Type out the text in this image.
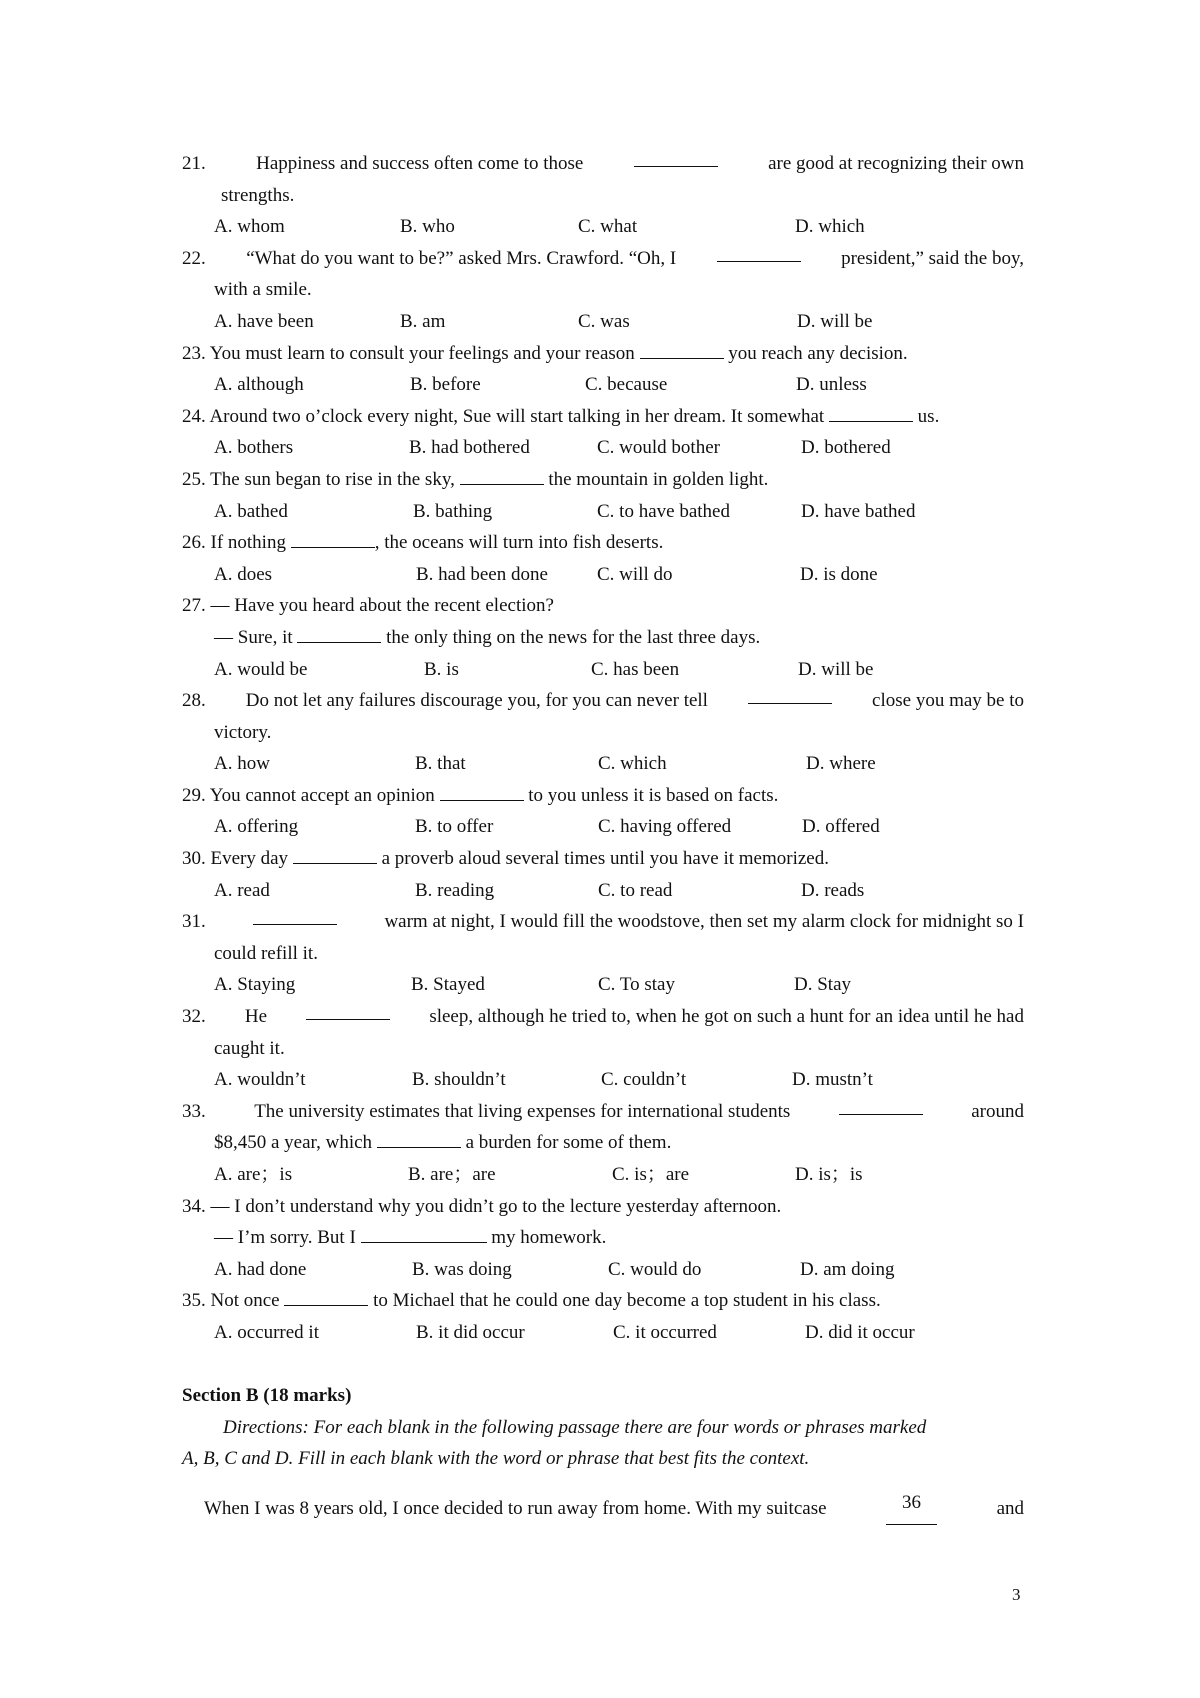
21.	Happiness and success often come to those	are good at recognizing their own
strengths.
A. whom	B. who	C. what	D. which
22. “What do you want to be?” asked Mrs. Crawford. “Oh, I	president,” said the boy,
with a smile.
A. have been	B. am	C. was	D. will be
23. You must learn to consult your feelings and your reason	you reach any decision.
A. although	B. before	C. because	D. unless
24. Around two o’clock every night, Sue will start talking in her dream. It somewhat	us.
A. bothers	B. had bothered	C. would bother	D. bothered
25. The sun began to rise in the sky,	the mountain in golden light.
A. bathed	B. bathing	C. to have bathed	D. have bathed
26. If nothing	, the oceans will turn into fish deserts.
A. does	B. had been done	C. will do	D. is done
27. — Have you heard about the recent election?
— Sure, it	the only thing on the news for the last three days.
A. would be	B. is	C. has been	D. will be
28. Do not let any failures discourage you, for you can never tell	close you may be to
victory.
A. how	B. that	C. which	D. where
29. You cannot accept an opinion	to you unless it is based on facts.
A. offering	B. to offer	C. having offered	D. offered
30. Every day	a proverb aloud several times until you have it memorized.
A. read	B. reading	C. to read	D. reads
31.	warm at night, I would fill the woodstove, then set my alarm clock for midnight so I
could refill it.
A. Staying	B. Stayed	C. To stay	D. Stay
32. He	sleep, although he tried to, when he got on such a hunt for an idea until he had
caught it.
A. wouldn’t	B. shouldn’t	C. couldn’t	D. mustn’t
33.	The university estimates that living expenses for international students	around
$8,450 a year, which	a burden for some of them.
A. are；is	B. are；are	C. is；are	D. is；is
34. — I don’t understand why you didn’t go to the lecture yesterday afternoon.
— I’m sorry. But I	my homework.
A. had done	B. was doing	C. would do	D. am doing
35. Not once	to Michael that he could one day become a top student in his class.
A. occurred it	B. it did occur	C. it occurred	D. did it occur
Section B (18 marks)
Directions: For each blank in the following passage there are four words or phrases marked
A, B, C and D. Fill in each blank with the word or phrase that best fits the context.
When I was 8 years old, I once decided to run away from home. With my suitcase	36	and
3
